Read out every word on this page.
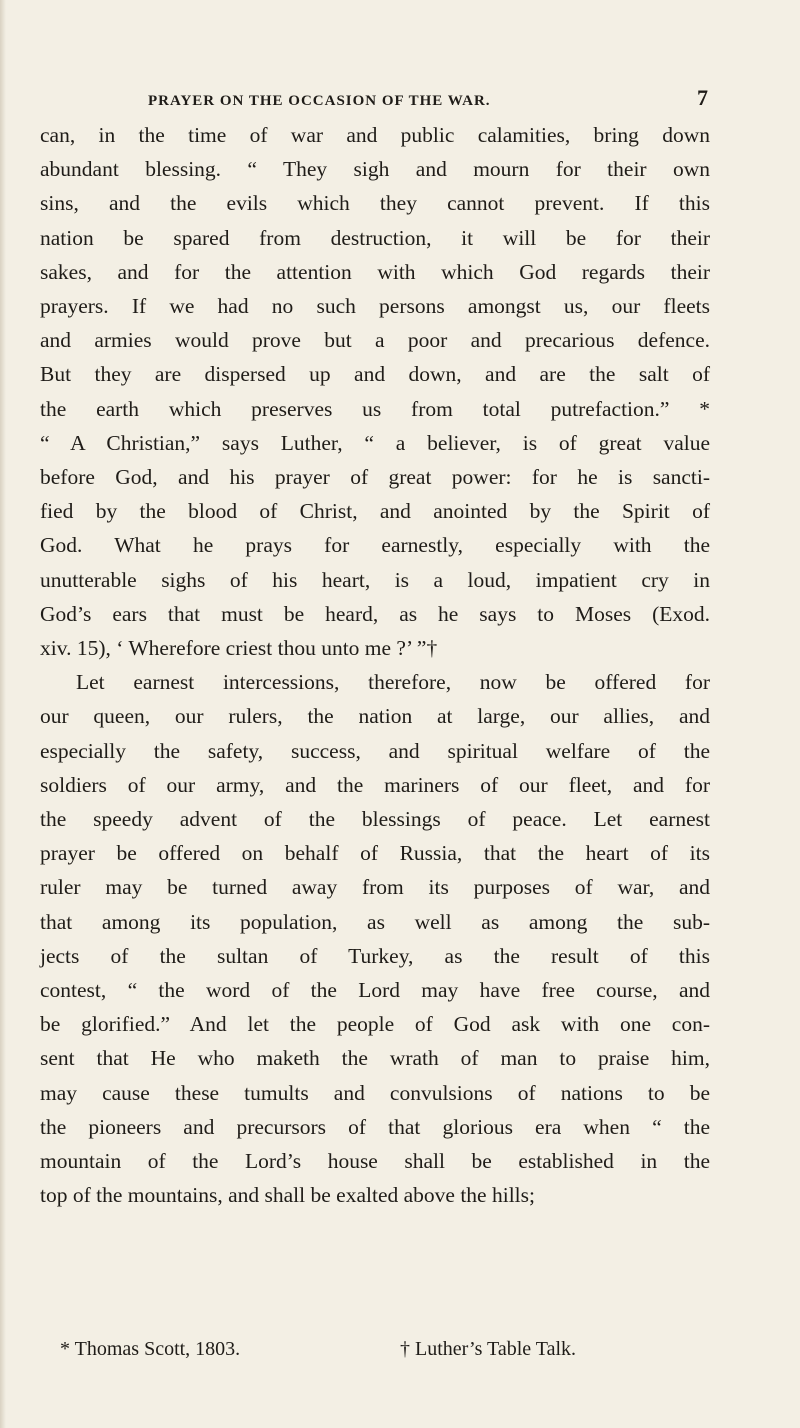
PRAYER ON THE OCCASION OF THE WAR.	7
can, in the time of war and public calamities, bring down
abundant blessing. “ They sigh and mourn for their own
sins, and the evils which they cannot prevent. If this
nation be spared from destruction, it will be for their
sakes, and for the attention with which God regards their
prayers. If we had no such persons amongst us, our fleets
and armies would prove but a poor and precarious defence.
But they are dispersed up and down, and are the salt of
the earth which preserves us from total putrefaction.” *
“ A Christian,” says Luther, “ a believer, is of great value
before God, and his prayer of great power: for he is sancti-
fied by the blood of Christ, and anointed by the Spirit of
God. What he prays for earnestly, especially with the
unutterable sighs of his heart, is a loud, impatient cry in
God’s ears that must be heard, as he says to Moses (Exod.
xiv. 15), ‘ Wherefore criest thou unto me ?’ ”†
Let earnest intercessions, therefore, now be offered for
our queen, our rulers, the nation at large, our allies, and
especially the safety, success, and spiritual welfare of the
soldiers of our army, and the mariners of our fleet, and for
the speedy advent of the blessings of peace. Let earnest
prayer be offered on behalf of Russia, that the heart of its
ruler may be turned away from its purposes of war, and
that among its population, as well as among the sub-
jects of the sultan of Turkey, as the result of this
contest, “ the word of the Lord may have free course, and
be glorified.” And let the people of God ask with one con-
sent that He who maketh the wrath of man to praise him,
may cause these tumults and convulsions of nations to be
the pioneers and precursors of that glorious era when “ the
mountain of the Lord’s house shall be established in the
top of the mountains, and shall be exalted above the hills;
* Thomas Scott, 1803.	† Luther’s Table Talk.
